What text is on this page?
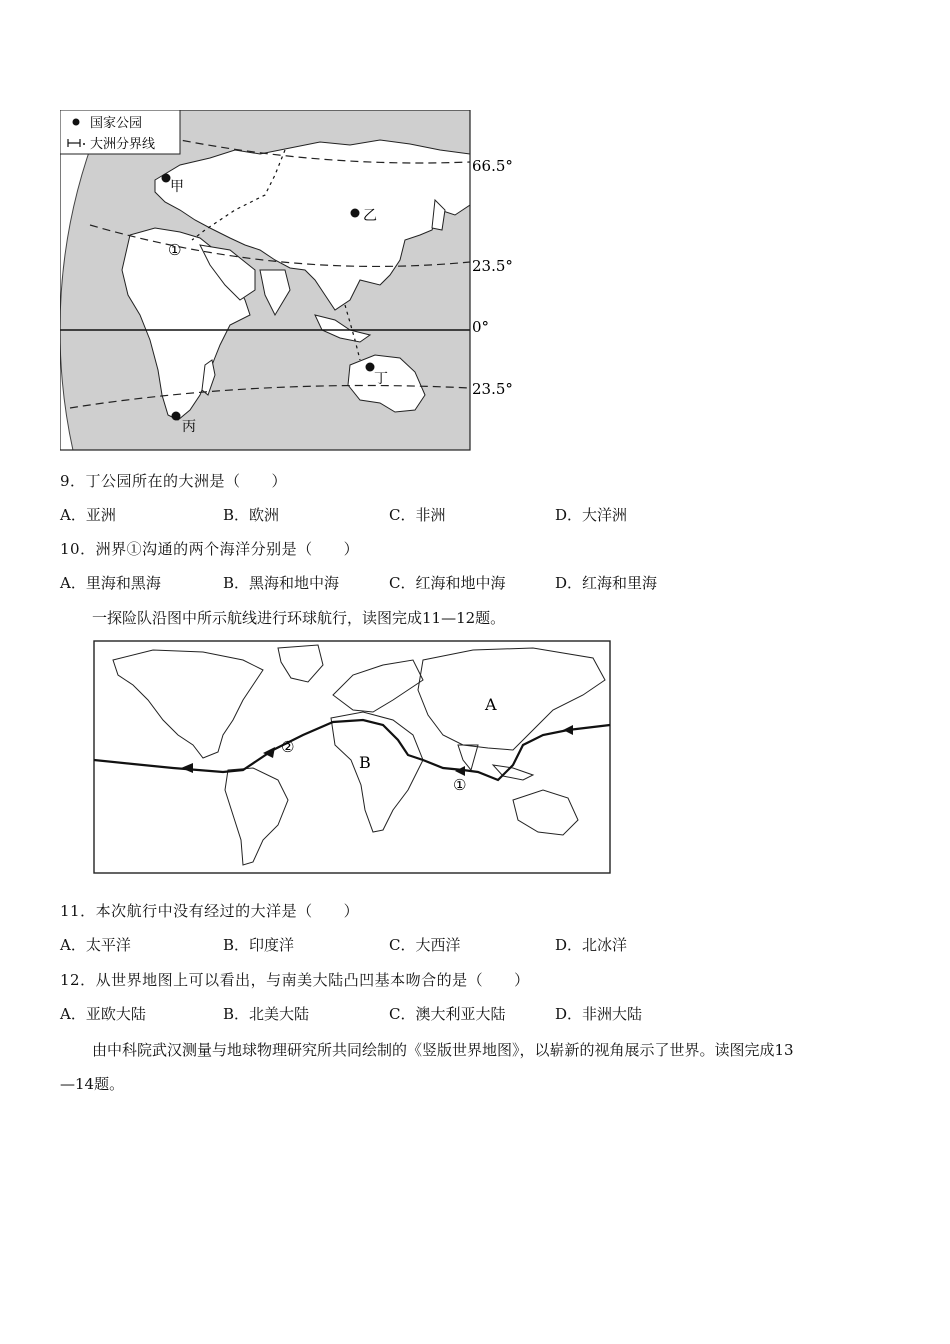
国家公园
大洲分界线
甲
乙
丙
丁
①
66.5°
23.5°
0°
23.5°
9．丁公园所在的大洲是（　　）
A．亚洲	B．欧洲	C．非洲	D．大洋洲
10．洲界①沟通的两个海洋分别是（　　）
A．里海和黑海	B．黑海和地中海	C．红海和地中海	D．红海和里海
一探险队沿图中所示航线进行环球航行，读图完成11—12题。
A
B
①
②
11．本次航行中没有经过的大洋是（　　）
A．太平洋	B．印度洋	C．大西洋	D．北冰洋
12．从世界地图上可以看出，与南美大陆凸凹基本吻合的是（　　）
A．亚欧大陆	B．北美大陆	C．澳大利亚大陆	D．非洲大陆
由中科院武汉测量与地球物理研究所共同绘制的《竖版世界地图》，以崭新的视角展示了世界。读图完成13
—14题。
